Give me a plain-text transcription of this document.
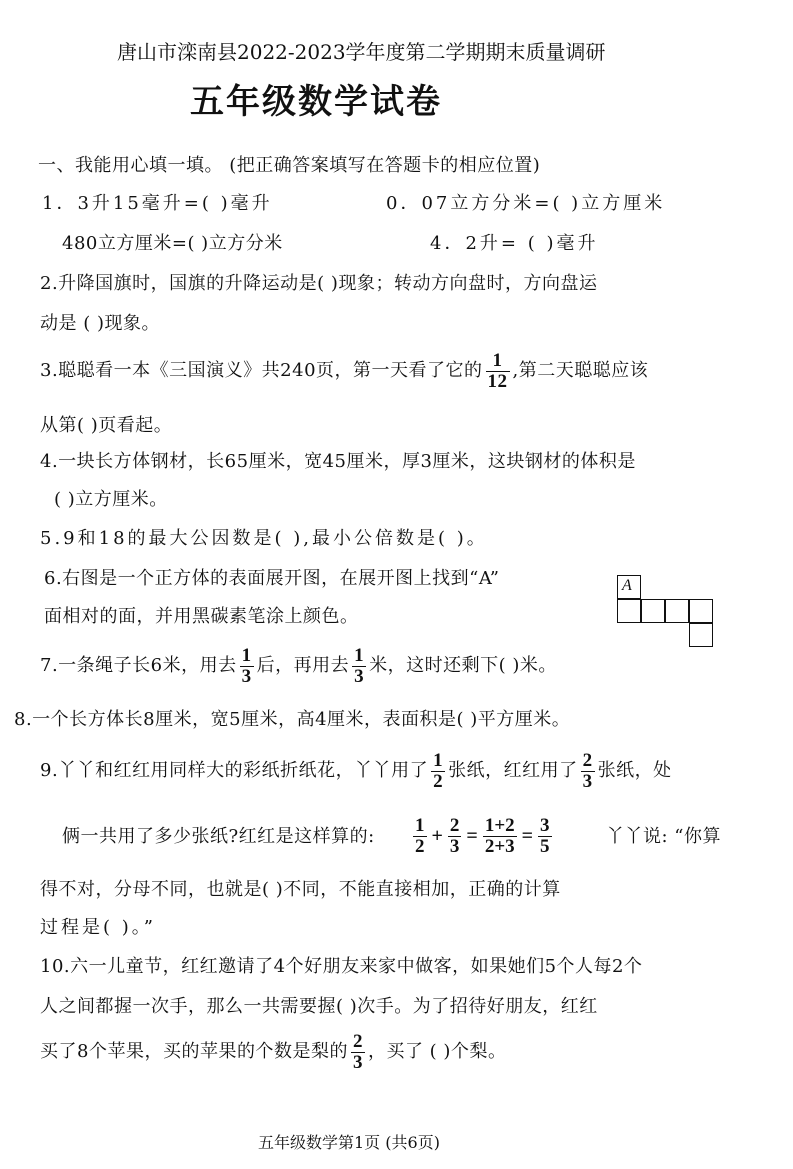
唐山市滦南县2022-2023学年度第二学期期末质量调研
五年级数学试卷
一、我能用心填一填。 (把正确答案填写在答题卡的相应位置)
1．3升15毫升=( )毫升	0．07立方分米=( )立方厘米
480立方厘米=( )立方分米	4．2升= ( )毫升
2.升降国旗时，国旗的升降运动是( )现象；转动方向盘时，方向盘运
动是 ( )现象。
3.聪聪看一本《三国演义》共240页，第一天看了它的 $\frac{1}{12}$ ,第二天聪聪应该
从第( )页看起。
4.一块长方体钢材，长65厘米，宽45厘米，厚3厘米，这块钢材的体积是
( )立方厘米。
5.9和18的最大公因数是( ),最小公倍数是( )。
6.右图是一个正方体的表面展开图，在展开图上找到“A”
面相对的面，并用黑碳素笔涂上颜色。
A
7.一条绳子长6米，用去 $\frac{1}{3}$ 后，再用去 $\frac{1}{3}$ 米，这时还剩下( )米。
8.一个长方体长8厘米，宽5厘米，高4厘米，表面积是( )平方厘米。
9.丫丫和红红用同样大的彩纸折纸花，丫丫用了 $\frac{1}{2}$ 张纸，红红用了 $\frac{2}{3}$ 张纸，处
俩一共用了多少张纸?红红是这样算的: $\frac{1}{2} + \frac{2}{3} = \frac{1+2}{2+3} = \frac{3}{5}$	丫丫说: “你算
得不对，分母不同，也就是( )不同，不能直接相加，正确的计算
过程是( )。”
10.六一儿童节，红红邀请了4个好朋友来家中做客，如果她们5个人每2个
人之间都握一次手，那么一共需要握( )次手。为了招待好朋友，红红
买了8个苹果，买的苹果的个数是梨的 $\frac{2}{3}$ ，买了 ( )个梨。
五年级数学第1页 (共6页)
